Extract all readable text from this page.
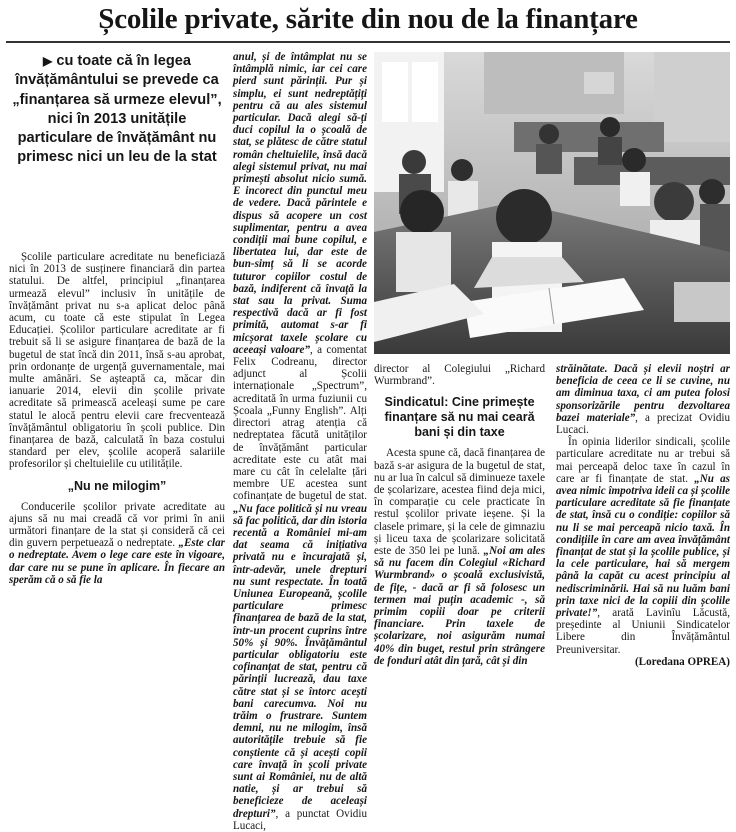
Școlile private, sărite din nou de la finanțare
▶ cu toate că în legea învățământului se prevede ca „finanțarea să urmeze elevul”, nici în 2013 unitățile particulare de învățământ nu primesc nici un leu de la stat

Școlile particulare acreditate nu beneficiază nici în 2013 de susținere financiară din partea statului. De altfel, principiul „finanțarea urmează elevul” inclusiv în unitățile de învățământ privat nu s-a aplicat deloc până acum, cu toate că este stipulat în Legea Educației. Școlilor particulare acreditate ar fi trebuit să li se asigure finanțarea de bază de la bugetul de stat încă din 2011, însă s-au aprobat, prin ordonanțe de urgență guvernamentale, mai multe amânări. Se așteaptă ca, măcar din ianuarie 2014, elevii din școlile private acreditate să primească aceleași sume pe care statul le alocă pentru elevii care frecventează învățământul obligatoriu în școli publice. Din finanțarea de bază, calculată în baza costului standard per elev, școlile acoperă salariile profesorilor și cheltuielile cu utilitățile.

„Nu ne milogim”

Conducerile școlilor private acreditate au ajuns să nu mai creadă că vor primi în anii următori finanțare de la stat și consideră că cei din guvern perpetuează o nedreptate. „Este clar o nedreptate. Avem o lege care este în vigoare, dar care nu se pune în aplicare. În fiecare an sperăm că o să fie la

anul, și de întâmplat nu se întâmplă nimic, iar cei care pierd sunt părinții. Pur și simplu, ei sunt nedreptățiți pentru că au ales sistemul particular. Dacă alegi să-ți duci copilul la o școală de stat, se plătesc de către statul român cheltuielile, însă dacă alegi sistemul privat, nu mai primești absolut nicio sumă. E incorect din punctul meu de vedere. Dacă părintele e dispus să acopere un cost suplimentar, pentru a avea condiții mai bune copilul, e libertatea lui, dar este de bun-simț să li se acorde tuturor copiilor costul de bază, indiferent că învață la stat sau la privat. Suma respectivă dacă ar fi fost primită, automat s-ar fi micșorat taxele școlare cu aceeași valoare”, a comentat Felix Codreanu, director adjunct al Școlii internaționale „Spectrum”, acreditată în urma fuziunii cu Școala „Funny English”. Alți directori atrag atenția că nedreptatea făcută unităților de învățământ particular acreditate este cu atât mai mare cu cât în celelalte țări membre UE acestea sunt cofinanțate de bugetul de stat. „Nu face politică și nu vreau să fac politică, dar din istoria recentă a României mi-am dat seama că inițiativa privată nu e încurajată și, într-adevăr, unele drepturi nu sunt respectate. În toată Uniunea Europeană, școlile particulare primesc finanțarea de bază de la stat, într-un procent cuprins între 50% și 90%. Învățământul particular obligatoriu este cofinanțat de stat, pentru că părinții lucrează, dau taxe către stat și se întorc acești bani carecumva. Noi nu trăim o frustrare. Suntem demni, nu ne milogim, însă autoritățile trebuie să fie conștiente că și acești copii care învață în școli private sunt ai României, nu de altă natie, și ar trebui să beneficieze de aceleași drepturi”, a punctat Ovidiu Lucaci,

director al Colegiului „Richard Wurmbrand”.

Sindicatul: Cine primește finanțare să nu mai ceară bani și din taxe

Acesta spune că, dacă finanțarea de bază s-ar asigura de la bugetul de stat, nu ar lua în calcul să diminueze taxele de școlarizare, acestea fiind deja mici, în comparație cu cele practicate în restul școlilor private ieșene. Și la clasele primare, și la cele de gimnaziu și liceu taxa de școlarizare solicitată este de 350 lei pe lună. „Noi am ales să nu facem din Colegiul «Richard Wurmbrand» o școală exclusivistă, de fițe, - dacă ar fi să folosesc un termen mai puțin academic -, să primim copiii doar pe criterii financiare. Prin taxele de școlarizare, noi asigurăm numai 40% din buget, restul prin strângere de fonduri atât din țară, cât și din

străinătate. Dacă și elevii noștri ar beneficia de ceea ce li se cuvine, nu am diminua taxa, ci am putea folosi sponsorizările pentru dezvoltarea bazei materiale”, a precizat Ovidiu Lucaci.

În opinia liderilor sindicali, școlile particulare acreditate nu ar trebui să mai perceapă deloc taxe în cazul în care ar fi finanțate de stat. „Nu as avea nimic împotriva ideii ca și școlile particulare acreditate să fie finanțate de stat, însă cu o condiție: copiilor să nu li se mai perceapă nicio taxă. În condițiile în care am avea învățământ finanțat de stat și la școlile publice, și la cele particulare, hai să mergem până la capăt cu acest principiu al nediscriminării. Hai să nu luăm bani prin taxe nici de la copiii din școlile private!”, arată Lavinîu Lăcustă, președinte al Uniunii Sindicatelor Libere din Învățământul Preuniversitar.

(Loredana OPREA)
